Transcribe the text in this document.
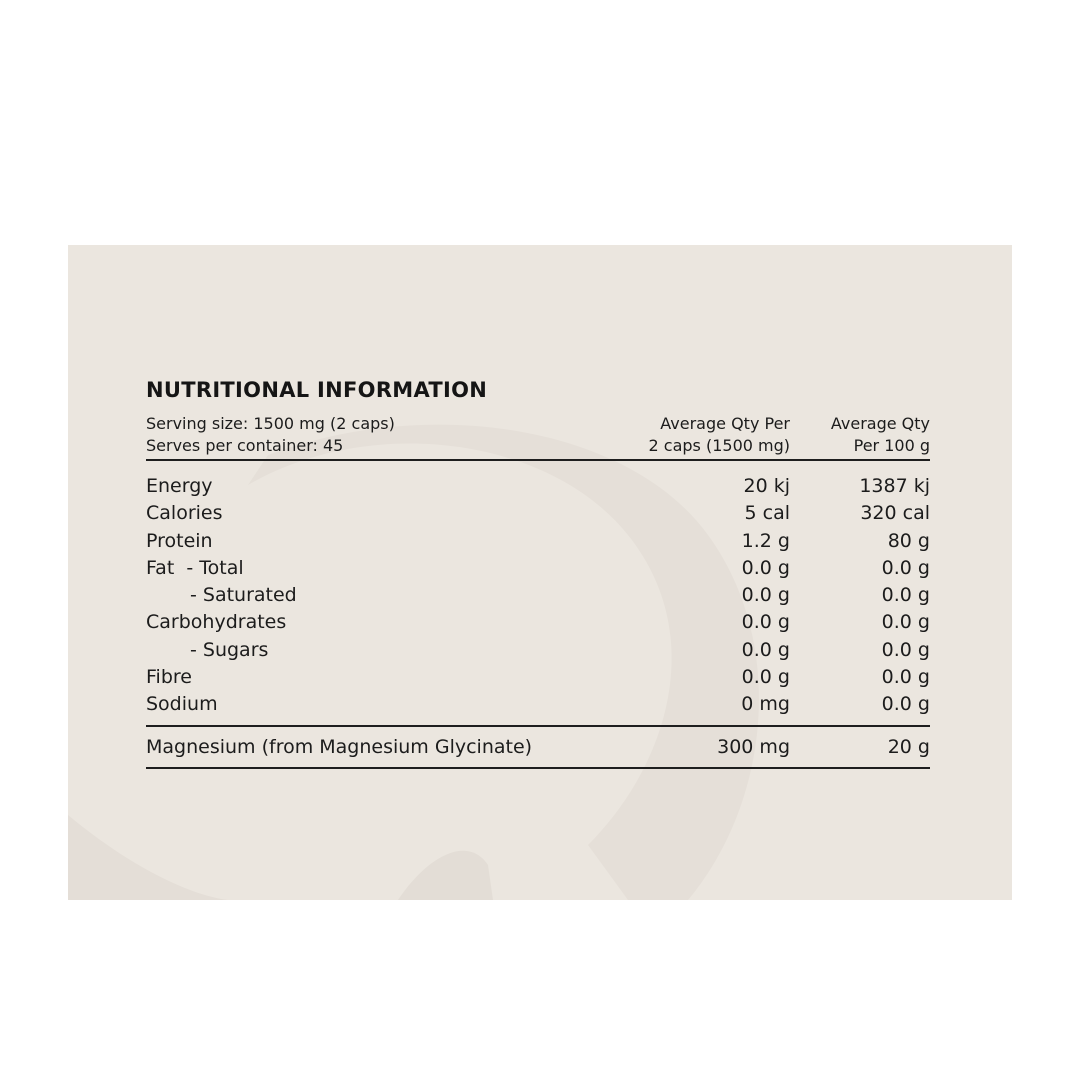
NUTRITIONAL INFORMATION
Serving size: 1500 mg (2 caps)
Serves per container: 45
Average Qty Per
2 caps (1500 mg)
Average Qty
Per 100 g
Energy	20 kj	1387 kj
Calories	5 cal	320 cal
Protein	1.2 g	80 g
Fat  - Total	0.0 g	0.0 g
- Saturated	0.0 g	0.0 g
Carbohydrates	0.0 g	0.0 g
- Sugars	0.0 g	0.0 g
Fibre	0.0 g	0.0 g
Sodium	0 mg	0.0 g
Magnesium (from Magnesium Glycinate)	300 mg	20 g
